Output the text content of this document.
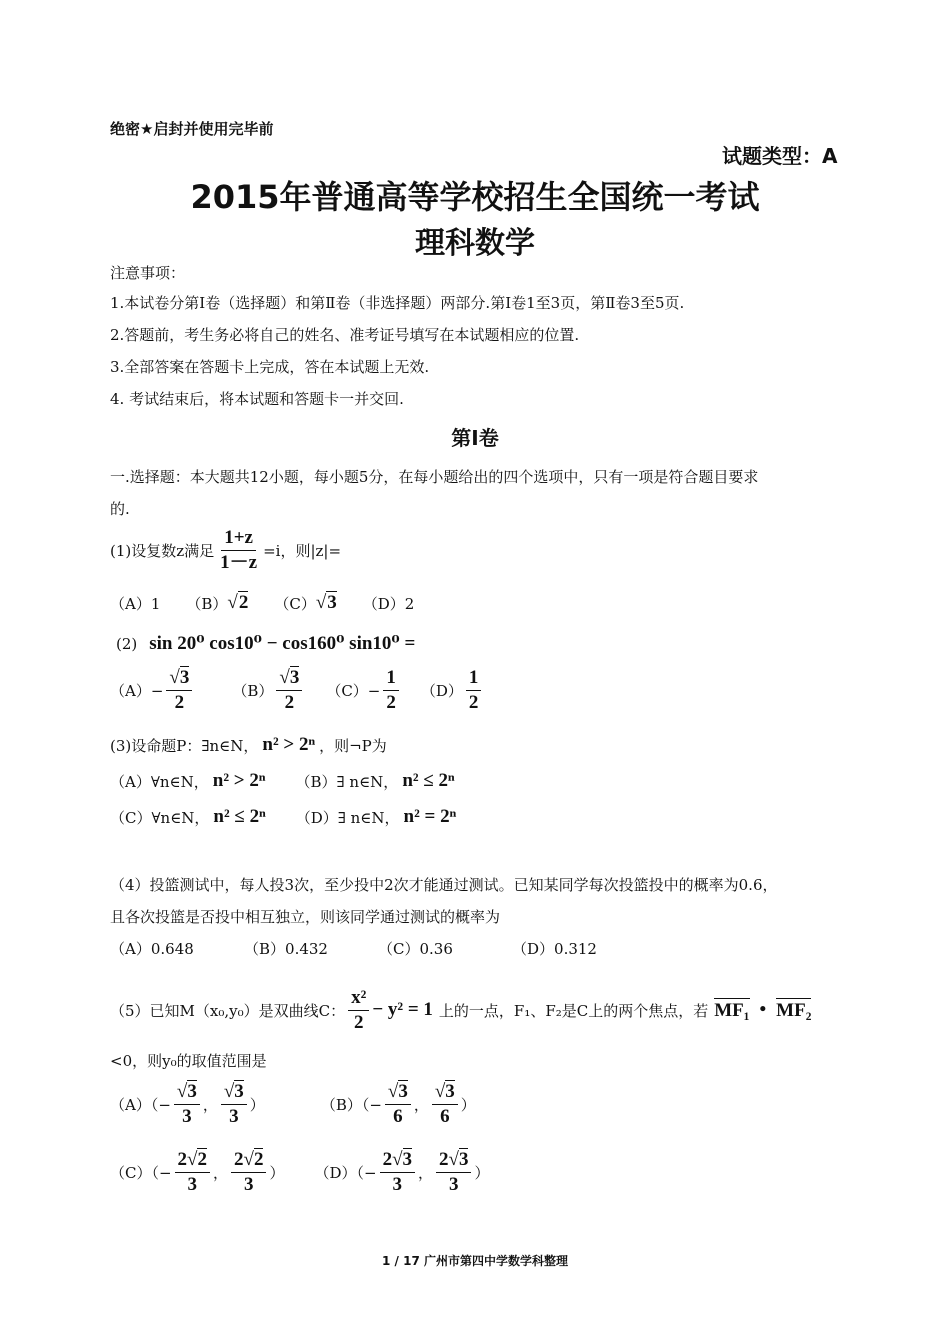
绝密★启封并使用完毕前
试题类型：A
2015年普通高等学校招生全国统一考试
理科数学
注意事项：
1.本试卷分第Ⅰ卷（选择题）和第Ⅱ卷（非选择题）两部分.第Ⅰ卷1至3页，第Ⅱ卷3至5页.
2.答题前，考生务必将自己的姓名、准考证号填写在本试题相应的位置.
3.全部答案在答题卡上完成，答在本试题上无效.
4. 考试结束后，将本试题和答题卡一并交回.
第Ⅰ卷
一.选择题：本大题共12小题，每小题5分，在每小题给出的四个选项中，只有一项是符合题目要求
的.
(1)设复数z满足 $\frac{1+z}{1-z} =i$，则|z|=
（A）1 （B） √2 （C） √3 （D）2
(2) sin 20⁰ cos10⁰ − cos160⁰ sin10⁰ =
$(A)- \frac{√3}{2}$	$(B) \frac{√3}{2} (C)- \frac{1}{2} (D) \frac{1}{2}$
(3)设命题P：∃n∈N， n² > 2ⁿ ，则¬P为
（A）∀n∈N， n² > 2ⁿ （B）∃ n∈N， n² ≤ 2ⁿ
（C）∀n∈N， n² ≤ 2ⁿ （D）∃ n∈N， n² = 2ⁿ
（4）投篮测试中，每人投3次，至少投中2次才能通过测试。已知某同学每次投篮投中的概率为0.6，
且各次投篮是否投中相互独立，则该同学通过测试的概率为
（A）0.648	（B）0.432	（C）0.36	（D）0.312
（5）已知M（x₀,y₀）是双曲线C： $\frac{\text{x²}}{2} - y^2 = 1$ 上的一点，F₁、F₂是C上的两个焦点，若 MF₁ • MF₂
<0，则y₀的取值范围是
$(A)(- \frac{√3}{3}$ ， $\frac{√3}{3}$ ）	$(B)(- \frac{√3}{6}$ ， $\frac{√3}{6}$ ）
$(C)(- \frac{2√2}{3}$ ， $\frac{2√2}{3}$ ） $(D)(- \frac{2√3}{3}$ ， $\frac{2√3}{3}$ ）
1 / 17 广州市第四中学数学科整理
